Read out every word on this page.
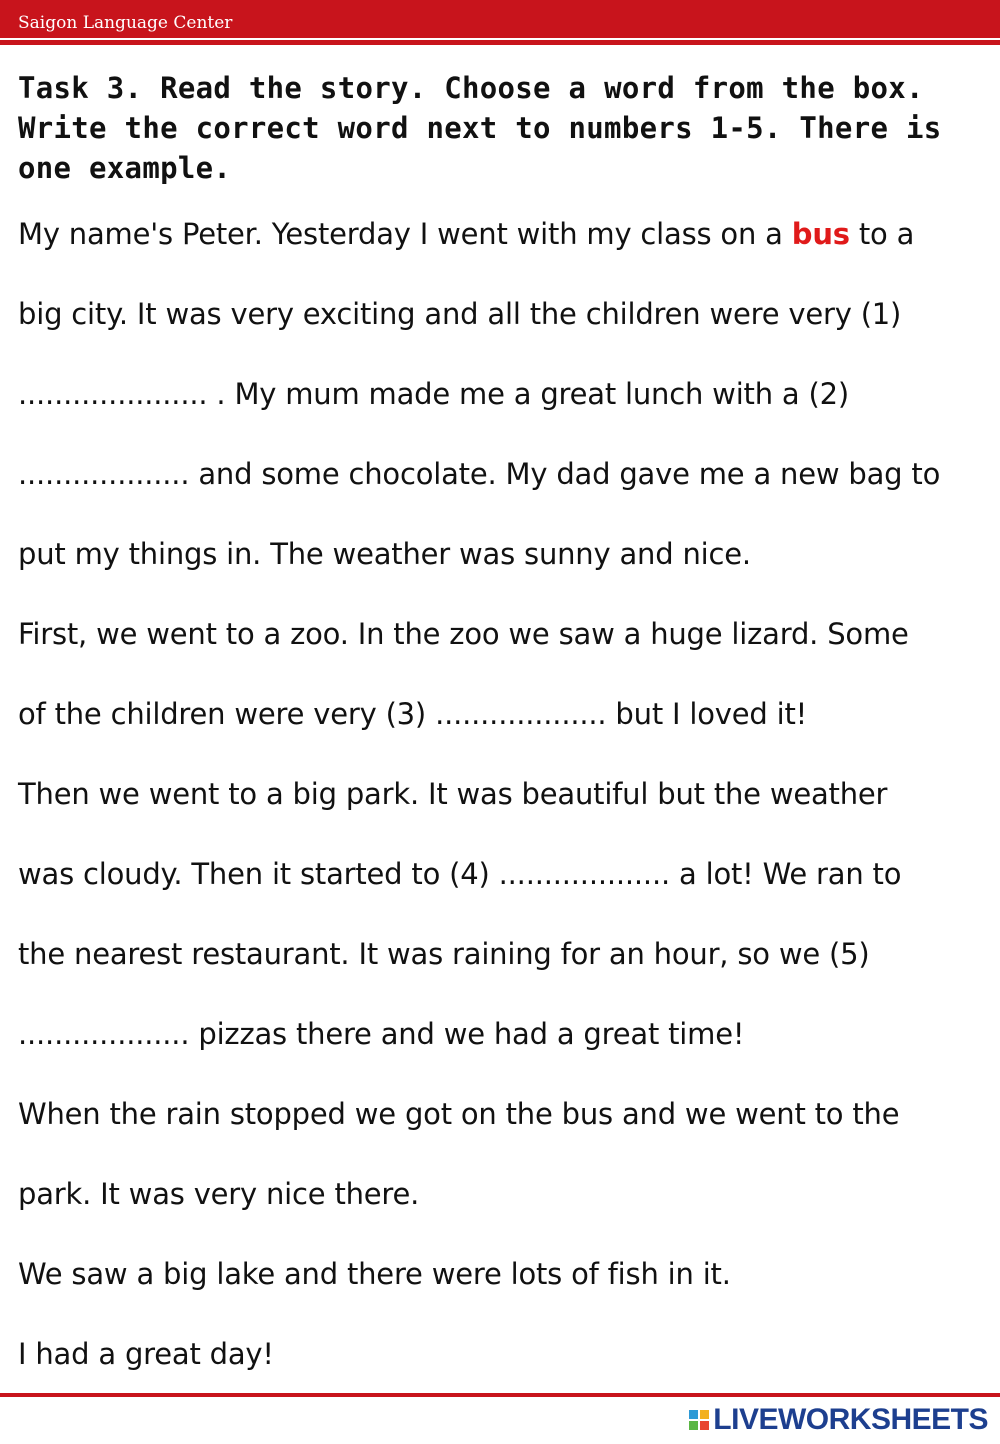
Saigon Language Center
Task 3. Read the story. Choose a word from the box. Write the correct word next to numbers 1-5. There is one example.
My name's Peter. Yesterday I went with my class on a bus to a
big city. It was very exciting and all the children were very (1)
..................... . My mum made me a great lunch with a (2)
................... and some chocolate. My dad gave me a new bag to
put my things in. The weather was sunny and nice.
First, we went to a zoo. In the zoo we saw a huge lizard. Some
of the children were very (3) ................... but I loved it!
Then we went to a big park. It was beautiful but the weather
was cloudy. Then it started to (4) ................... a lot! We ran to
the nearest restaurant. It was raining for an hour, so we (5)
................... pizzas there and we had a great time!
When the rain stopped we got on the bus and we went to the
park. It was very nice there.
We saw a big lake and there were lots of fish in it.
I had a great day!
LIVEWORKSHEETS
